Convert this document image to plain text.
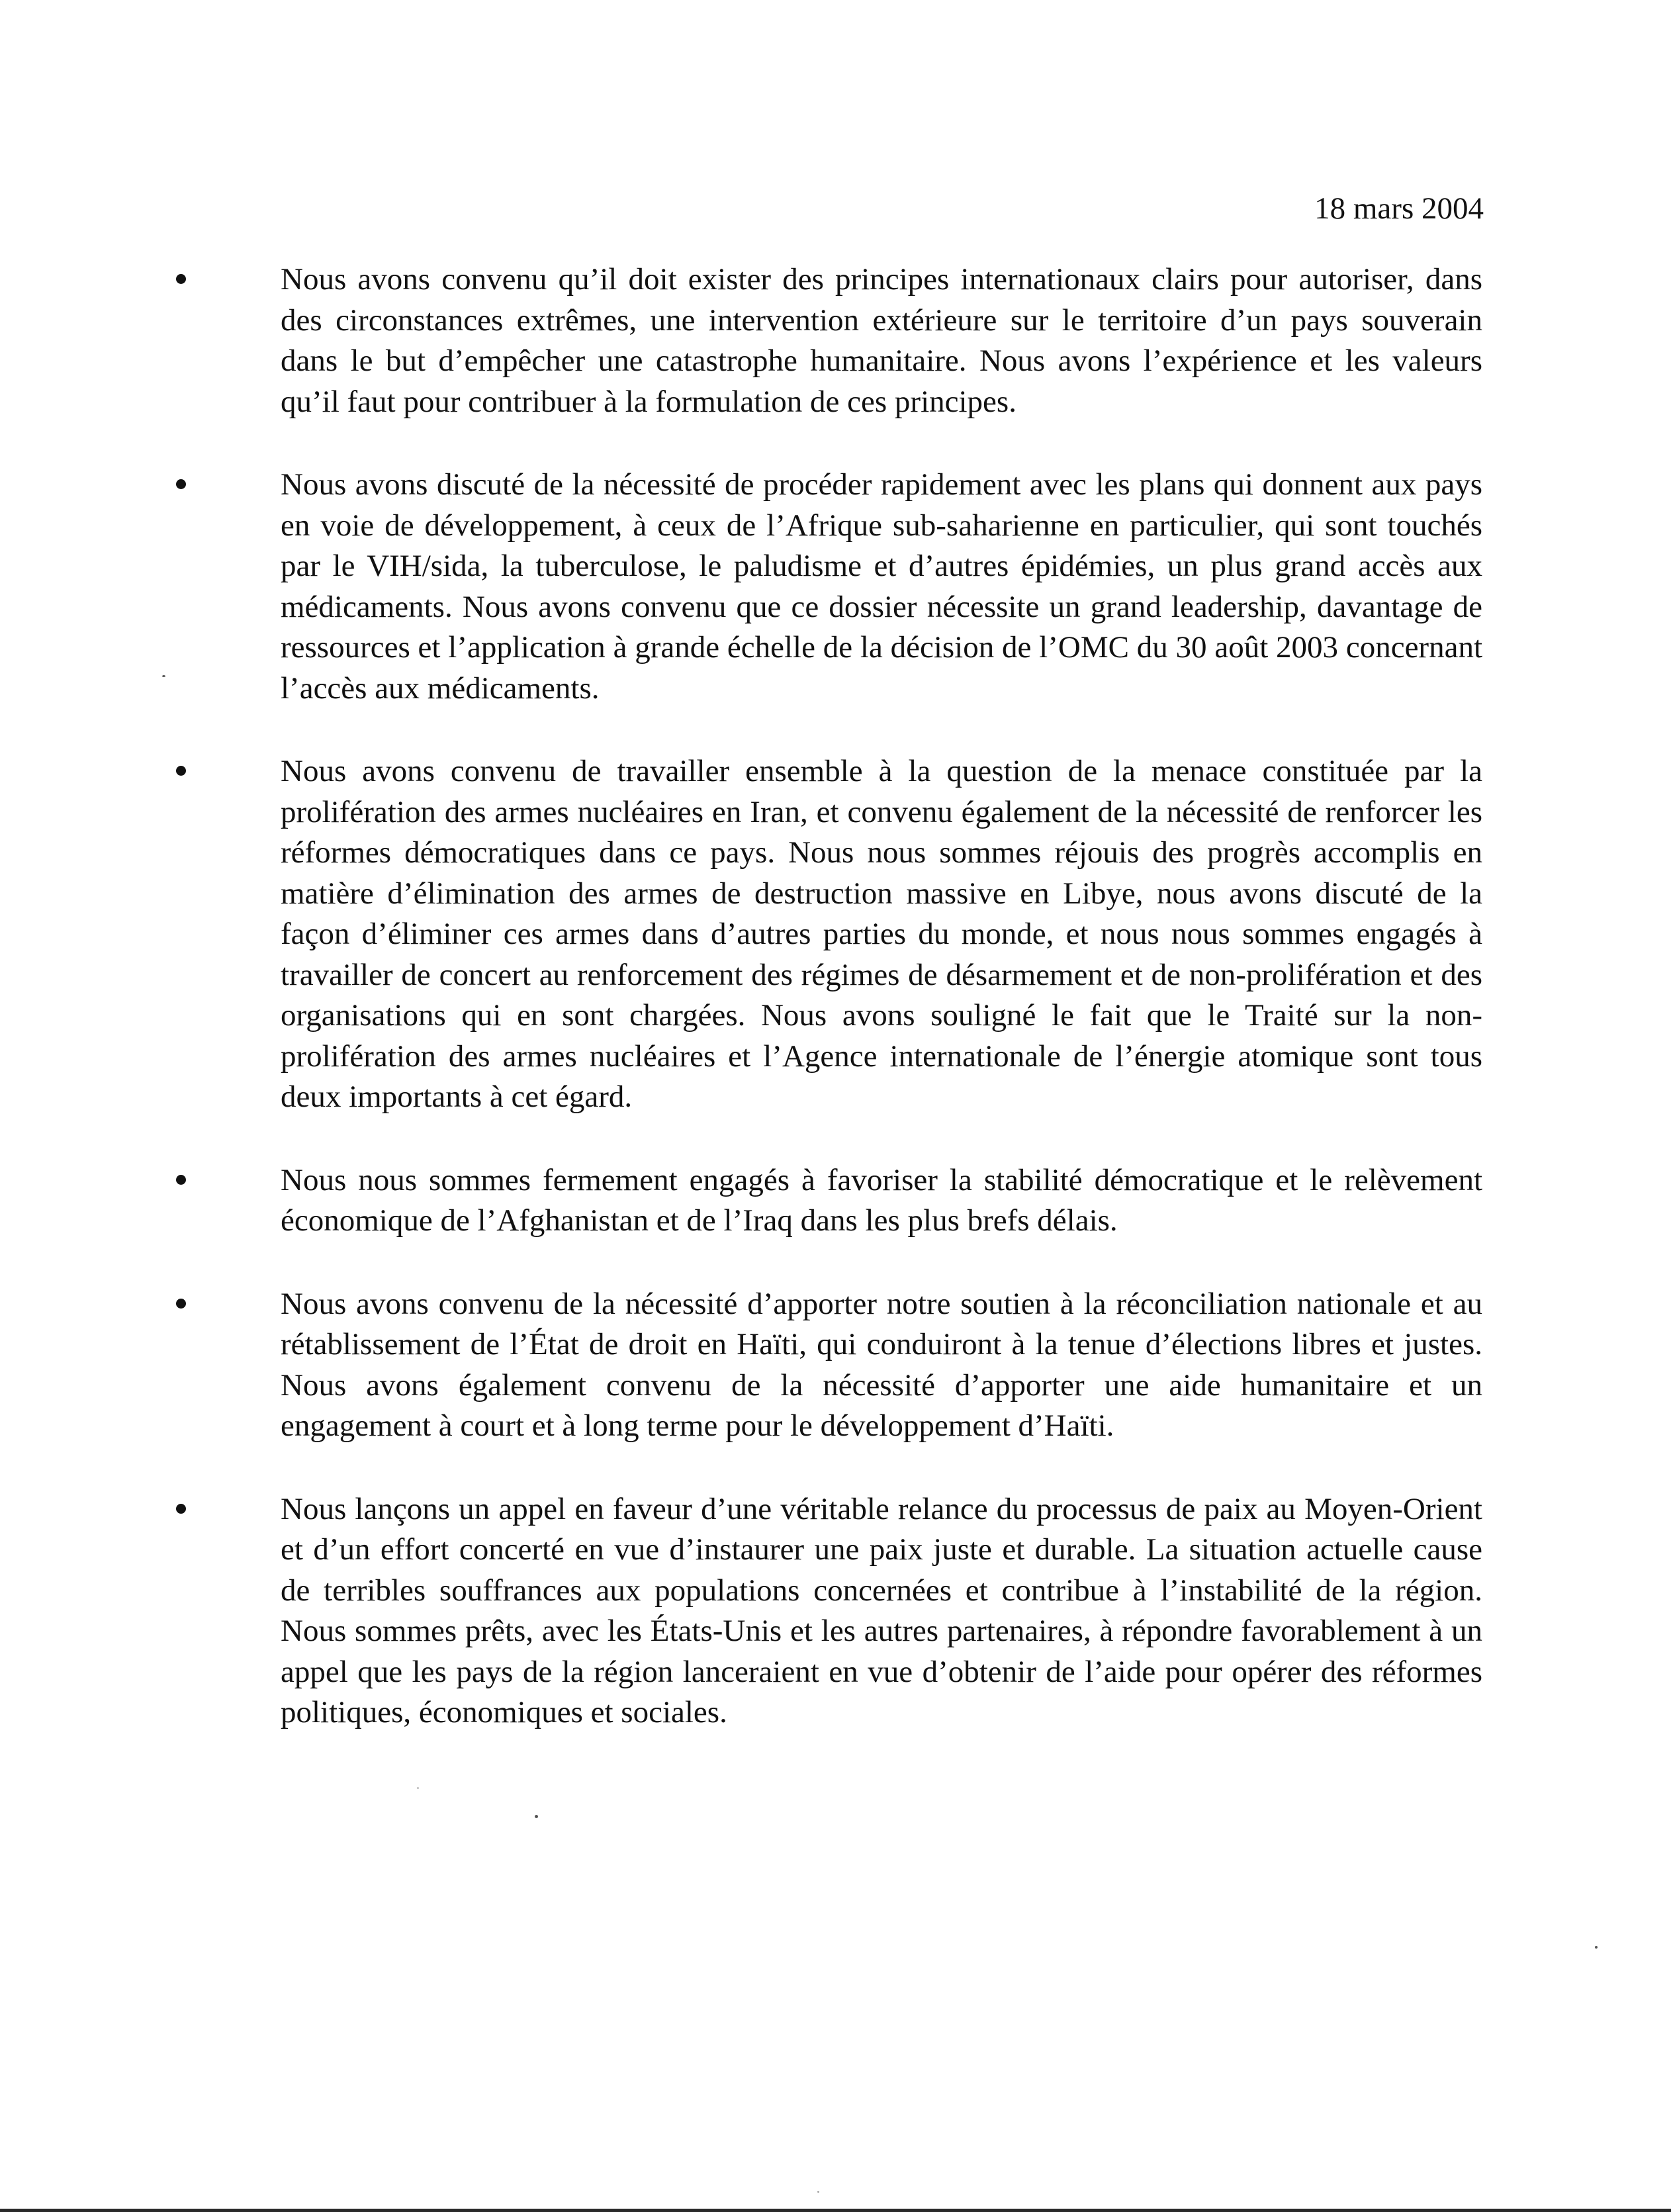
18 mars 2004
Nous avons convenu qu’il doit exister des principes internationaux clairs pour autoriser, dans des circonstances extrêmes, une intervention extérieure sur le territoire d’un pays souverain dans le but d’empêcher une catastrophe humanitaire. Nous avons l’expérience et les valeurs qu’il faut pour contribuer à la formulation de ces principes.
Nous avons discuté de la nécessité de procéder rapidement avec les plans qui donnent aux pays en voie de développement, à ceux de l’Afrique sub-saharienne en particulier, qui sont touchés par le VIH/sida, la tuberculose, le paludisme et d’autres épidémies, un plus grand accès aux médicaments. Nous avons convenu que ce dossier nécessite un grand leadership, davantage de ressources et l’application à grande échelle de la décision de l’OMC du 30 août 2003 concernant l’accès aux médicaments.
Nous avons convenu de travailler ensemble à la question de la menace constituée par la prolifération des armes nucléaires en Iran, et convenu également de la nécessité de renforcer les réformes démocratiques dans ce pays. Nous nous sommes réjouis des progrès accomplis en matière d’élimination des armes de destruction massive en Libye, nous avons discuté de la façon d’éliminer ces armes dans d’autres parties du monde, et nous nous sommes engagés à travailler de concert au renforcement des régimes de désarmement et de non-prolifération et des organisations qui en sont chargées. Nous avons souligné le fait que le Traité sur la non-prolifération des armes nucléaires et l’Agence internationale de l’énergie atomique sont tous deux importants à cet égard.
Nous nous sommes fermement engagés à favoriser la stabilité démocratique et le relèvement économique de l’Afghanistan et de l’Iraq dans les plus brefs délais.
Nous avons convenu de la nécessité d’apporter notre soutien à la réconciliation nationale et au rétablissement de l’État de droit en Haïti, qui conduiront à la tenue d’élections libres et justes. Nous avons également convenu de la nécessité d’apporter une aide humanitaire et un engagement à court et à long terme pour le développement d’Haïti.
Nous lançons un appel en faveur d’une véritable relance du processus de paix au Moyen-Orient et d’un effort concerté en vue d’instaurer une paix juste et durable. La situation actuelle cause de terribles souffrances aux populations concernées et contribue à l’instabilité de la région. Nous sommes prêts, avec les États-Unis et les autres partenaires, à répondre favorablement à un appel que les pays de la région lanceraient en vue d’obtenir de l’aide pour opérer des réformes politiques, économiques et sociales.
